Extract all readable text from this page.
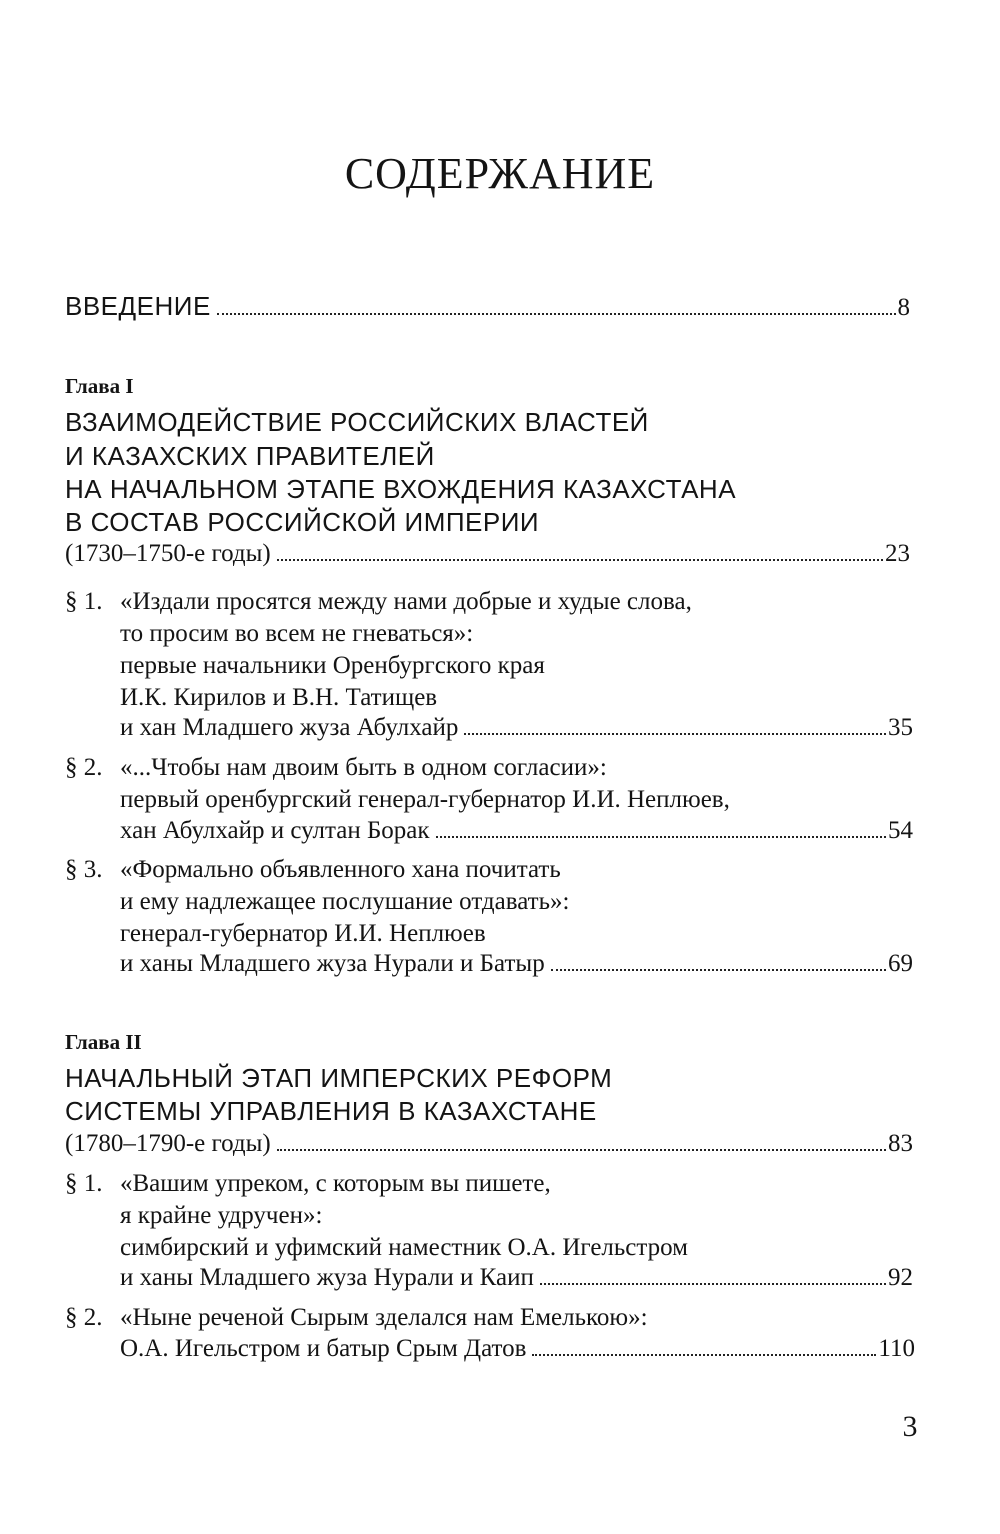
СОДЕРЖАНИЕ
ВВЕДЕНИЕ	8
Глава I
ВЗАИМОДЕЙСТВИЕ РОССИЙСКИХ ВЛАСТЕЙ
И КАЗАХСКИХ ПРАВИТЕЛЕЙ
НА НАЧАЛЬНОМ ЭТАПЕ ВХОЖДЕНИЯ КАЗАХСТАНА
В СОСТАВ РОССИЙСКОЙ ИМПЕРИИ
(1730–1750-е годы)	23
§ 1. «Издали просятся между нами добрые и худые слова,
то просим во всем не гневаться»:
первые начальники Оренбургского края
И.К. Кирилов и В.Н. Татищев
и хан Младшего жуза Абулхайр	35
§ 2. «...Чтобы нам двоим быть в одном согласии»:
первый оренбургский генерал-губернатор И.И. Неплюев,
хан Абулхайр и султан Борак	54
§ 3. «Формально объявленного хана почитать
и ему надлежащее послушание отдавать»:
генерал-губернатор И.И. Неплюев
и ханы Младшего жуза Нурали и Батыр	69
Глава II
НАЧАЛЬНЫЙ ЭТАП ИМПЕРСКИХ РЕФОРМ
СИСТЕМЫ УПРАВЛЕНИЯ В КАЗАХСТАНЕ
(1780–1790-е годы)	83
§ 1. «Вашим упреком, с которым вы пишете,
я крайне удручен»:
симбирский и уфимский наместник О.А. Игельстром
и ханы Младшего жуза Нурали и Каип	92
§ 2. «Ныне реченой Сырым зделался нам Емелькою»:
О.А. Игельстром и батыр Срым Датов	110
3
